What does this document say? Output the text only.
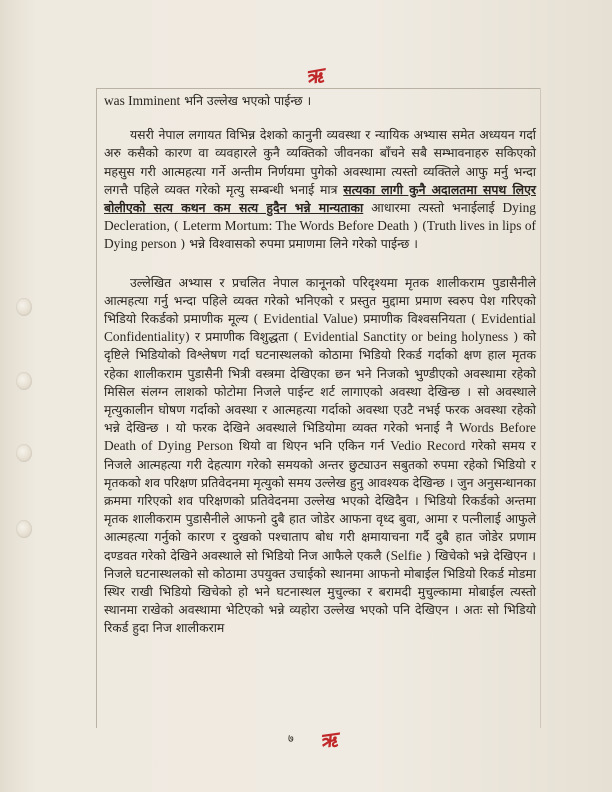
ऋ
ऋ

was Imminent भनि उल्लेख भएको पाईन्छ ।

यसरी नेपाल लगायत विभिन्न देशको कानुनी व्यवस्था र न्यायिक अभ्यास समेत अध्ययन गर्दा अरु कसैको कारण वा व्यवहारले कुनै व्यक्तिको जीवनका बाँचने सबै सम्भावनाहरु सकिएको महसुस गरी आत्महत्या गर्ने अन्तीम निर्णयमा पुगेको अवस्थामा त्यस्तो व्यक्तिले आफु मर्नु भन्दा लगत्तै पहिले व्यक्त गरेको मृत्यु सम्बन्धी भनाई मात्र सत्यका लागी कुनै अदालतमा सपथ लिएर बोलीएको सत्य कथन कम सत्य हुदैन भन्ने मान्यताका आधारमा त्यस्तो भनाईलाई Dying Decleration, ( Leterm Mortum: The Words Before Death ) (Truth lives in lips of Dying person ) भन्ने विश्वासको रुपमा प्रमाणमा लिने गरेको पाईन्छ ।

उल्लेखित अभ्यास र प्रचलित नेपाल कानूनको परिदृश्यमा मृतक शालीकराम पुडासैनीले आत्महत्या गर्नु भन्दा पहिले व्यक्त गरेको भनिएको र प्रस्तुत मुद्दामा प्रमाण स्वरुप पेश गरिएको भिडियो रिकर्डको प्रमाणीक मूल्य ( Evidential Value) प्रमाणीक विश्वसनियता ( Evidential Confidentiality) र प्रमाणीक विशुद्धता ( Evidential Sanctity or being holyness ) को दृष्टिले भिडियोको विश्लेषण गर्दा घटनास्थलको कोठामा भिडियो रिकर्ड गर्दाको क्षण हाल मृतक रहेका शालीकराम पुडासैनी भित्री वस्त्रमा देखिएका छन भने निजको भुण्डीएको अवस्थामा रहेको मिसिल संलग्न लाशको फोटोमा निजले पाईन्ट शर्ट लागाएको अवस्था देखिन्छ । सो अवस्थाले मृत्युकालीन घोषण गर्दाको अवस्था र आत्महत्या गर्दाको अवस्था एउटै नभई फरक अवस्था रहेको भन्ने देखिन्छ । यो फरक देखिने अवस्थाले भिडियोमा व्यक्त गरेको भनाई नै Words Before Death of Dying Person थियो वा थिएन भनि एकिन गर्न Vedio Record गरेको समय र निजले आत्महत्या गरी देहत्याग गरेको समयको अन्तर छुट्याउन सबुतको रुपमा रहेको भिडियो र मृतकको शव परिक्षण प्रतिवेदनमा मृत्युको समय उल्लेख हुनु आवश्यक देखिन्छ । जुन अनुसन्धानका क्रममा गरिएको शव परिक्षणको प्रतिवेदनमा उल्लेख भएको देखिदैन । भिडियो रिकर्डको अन्तमा मृतक शालीकराम पुडासैनीले आफनो दुबै हात जोडेर आफना वृध्द बुवा, आमा र पत्नीलाई आफुले आत्महत्या गर्नुको कारण र दुखको पश्चाताप बोध गरी क्षमायाचना गर्दै दुबै हात जोडेर प्रणाम दण्डवत गरेको देखिने अवस्थाले सो भिडियो निज आफैले एकलै (Selfie ) खिचेको भन्ने देखिएन । निजले घटनास्थलको सो कोठामा उपयुक्त उचाईको स्थानमा आफनो मोबाईल भिडियो रिकर्ड मोडमा स्थिर राखी भिडियो खिचेको हो भने घटनास्थल मुचुल्का र बरामदी मुचुल्कामा मोबाईल त्यस्तो स्थानमा राखेको अवस्थामा भेटिएको भन्ने व्यहोरा उल्लेख भएको पनि देखिएन । अतः सो भिडियो रिकर्ड हुदा निज शालीकराम

७
